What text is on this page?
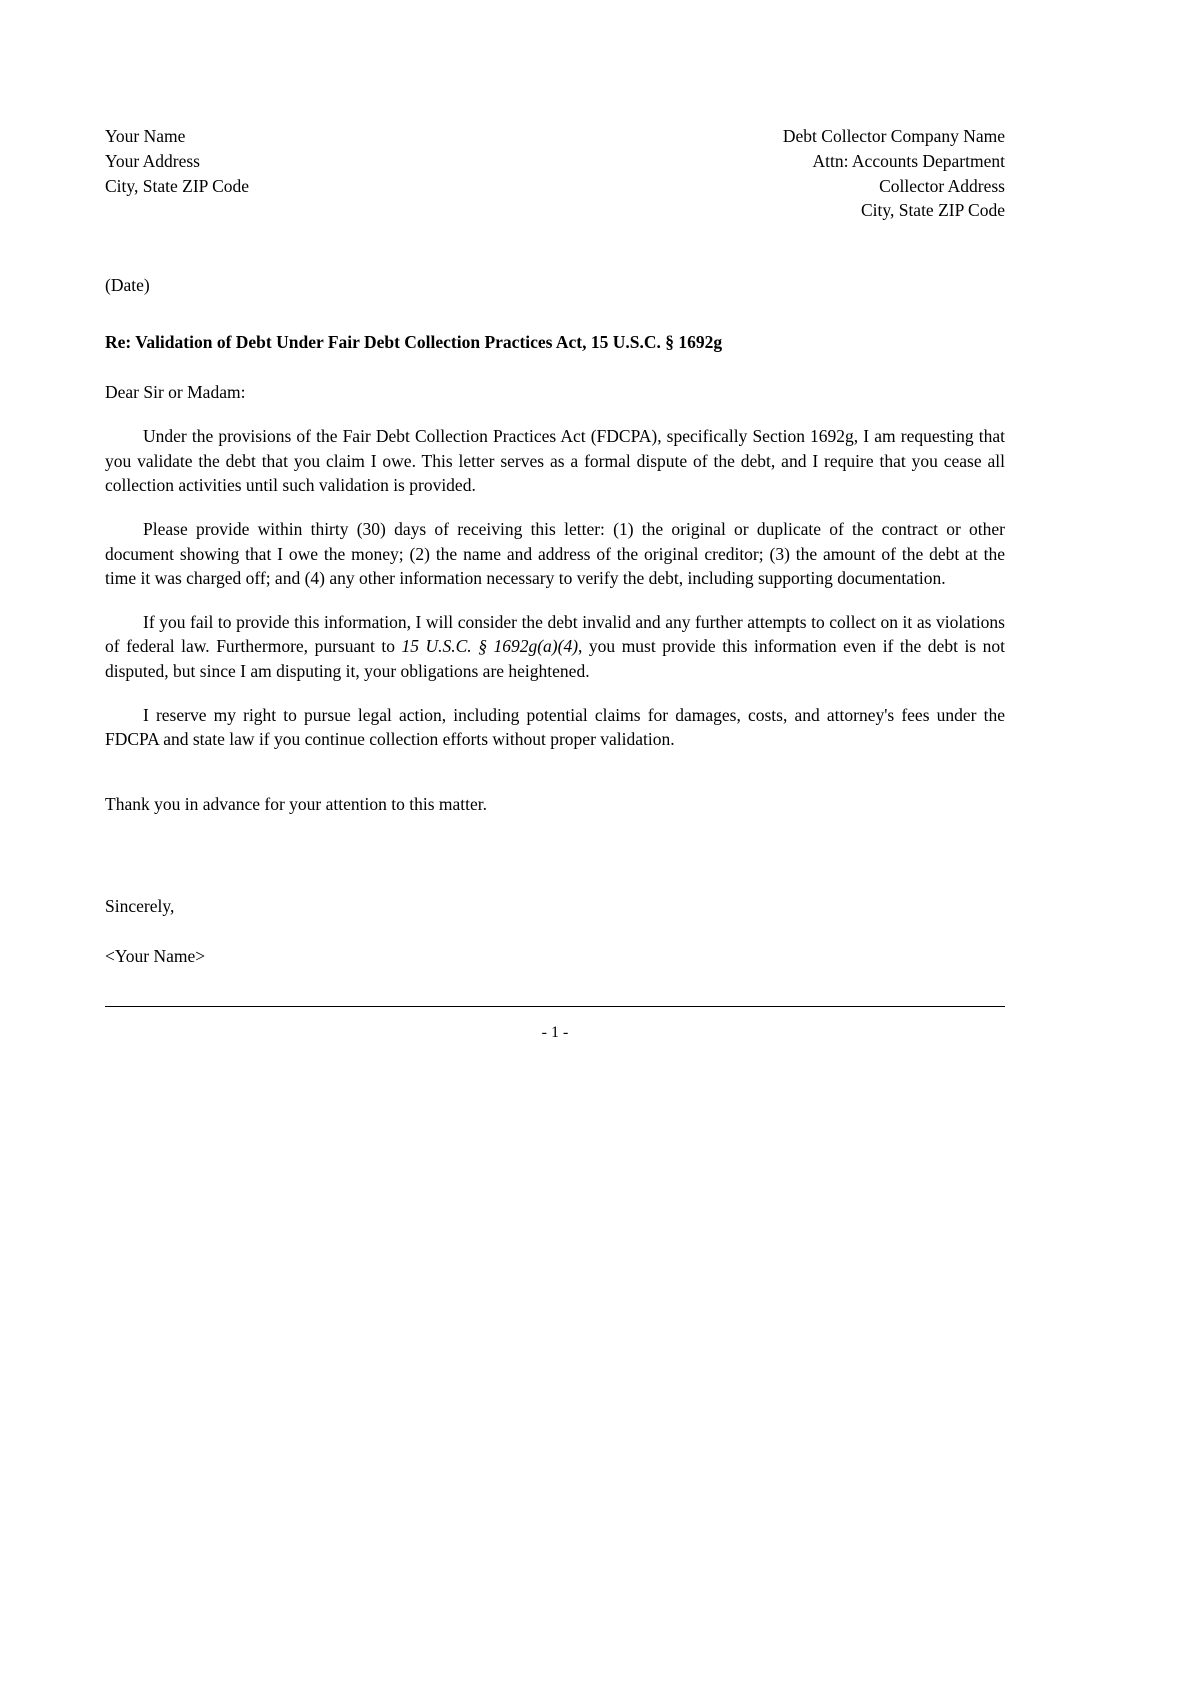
Your Name
Your Address
City, State ZIP Code
Debt Collector Company Name
Attn: Accounts Department
Collector Address
City, State ZIP Code
(Date)
Re: Validation of Debt Under Fair Debt Collection Practices Act, 15 U.S.C. § 1692g
Dear Sir or Madam:

Under the provisions of the Fair Debt Collection Practices Act (FDCPA), specifically Section 1692g, I am requesting that you validate the debt that you claim I owe. This letter serves as a formal dispute of the debt, and I require that you cease all collection activities until such validation is provided.

Please provide within thirty (30) days of receiving this letter: (1) the original or duplicate of the contract or other document showing that I owe the money; (2) the name and address of the original creditor; (3) the amount of the debt at the time it was charged off; and (4) any other information necessary to verify the debt, including supporting documentation.

If you fail to provide this information, I will consider the debt invalid and any further attempts to collect on it as violations of federal law. Furthermore, pursuant to 15 U.S.C. § 1692g(a)(4), you must provide this information even if the debt is not disputed, but since I am disputing it, your obligations are heightened.

I reserve my right to pursue legal action, including potential claims for damages, costs, and attorney's fees under the FDCPA and state law if you continue collection efforts without proper validation.

Thank you in advance for your attention to this matter.

Sincerely,
<Your Name>
- 1 -
